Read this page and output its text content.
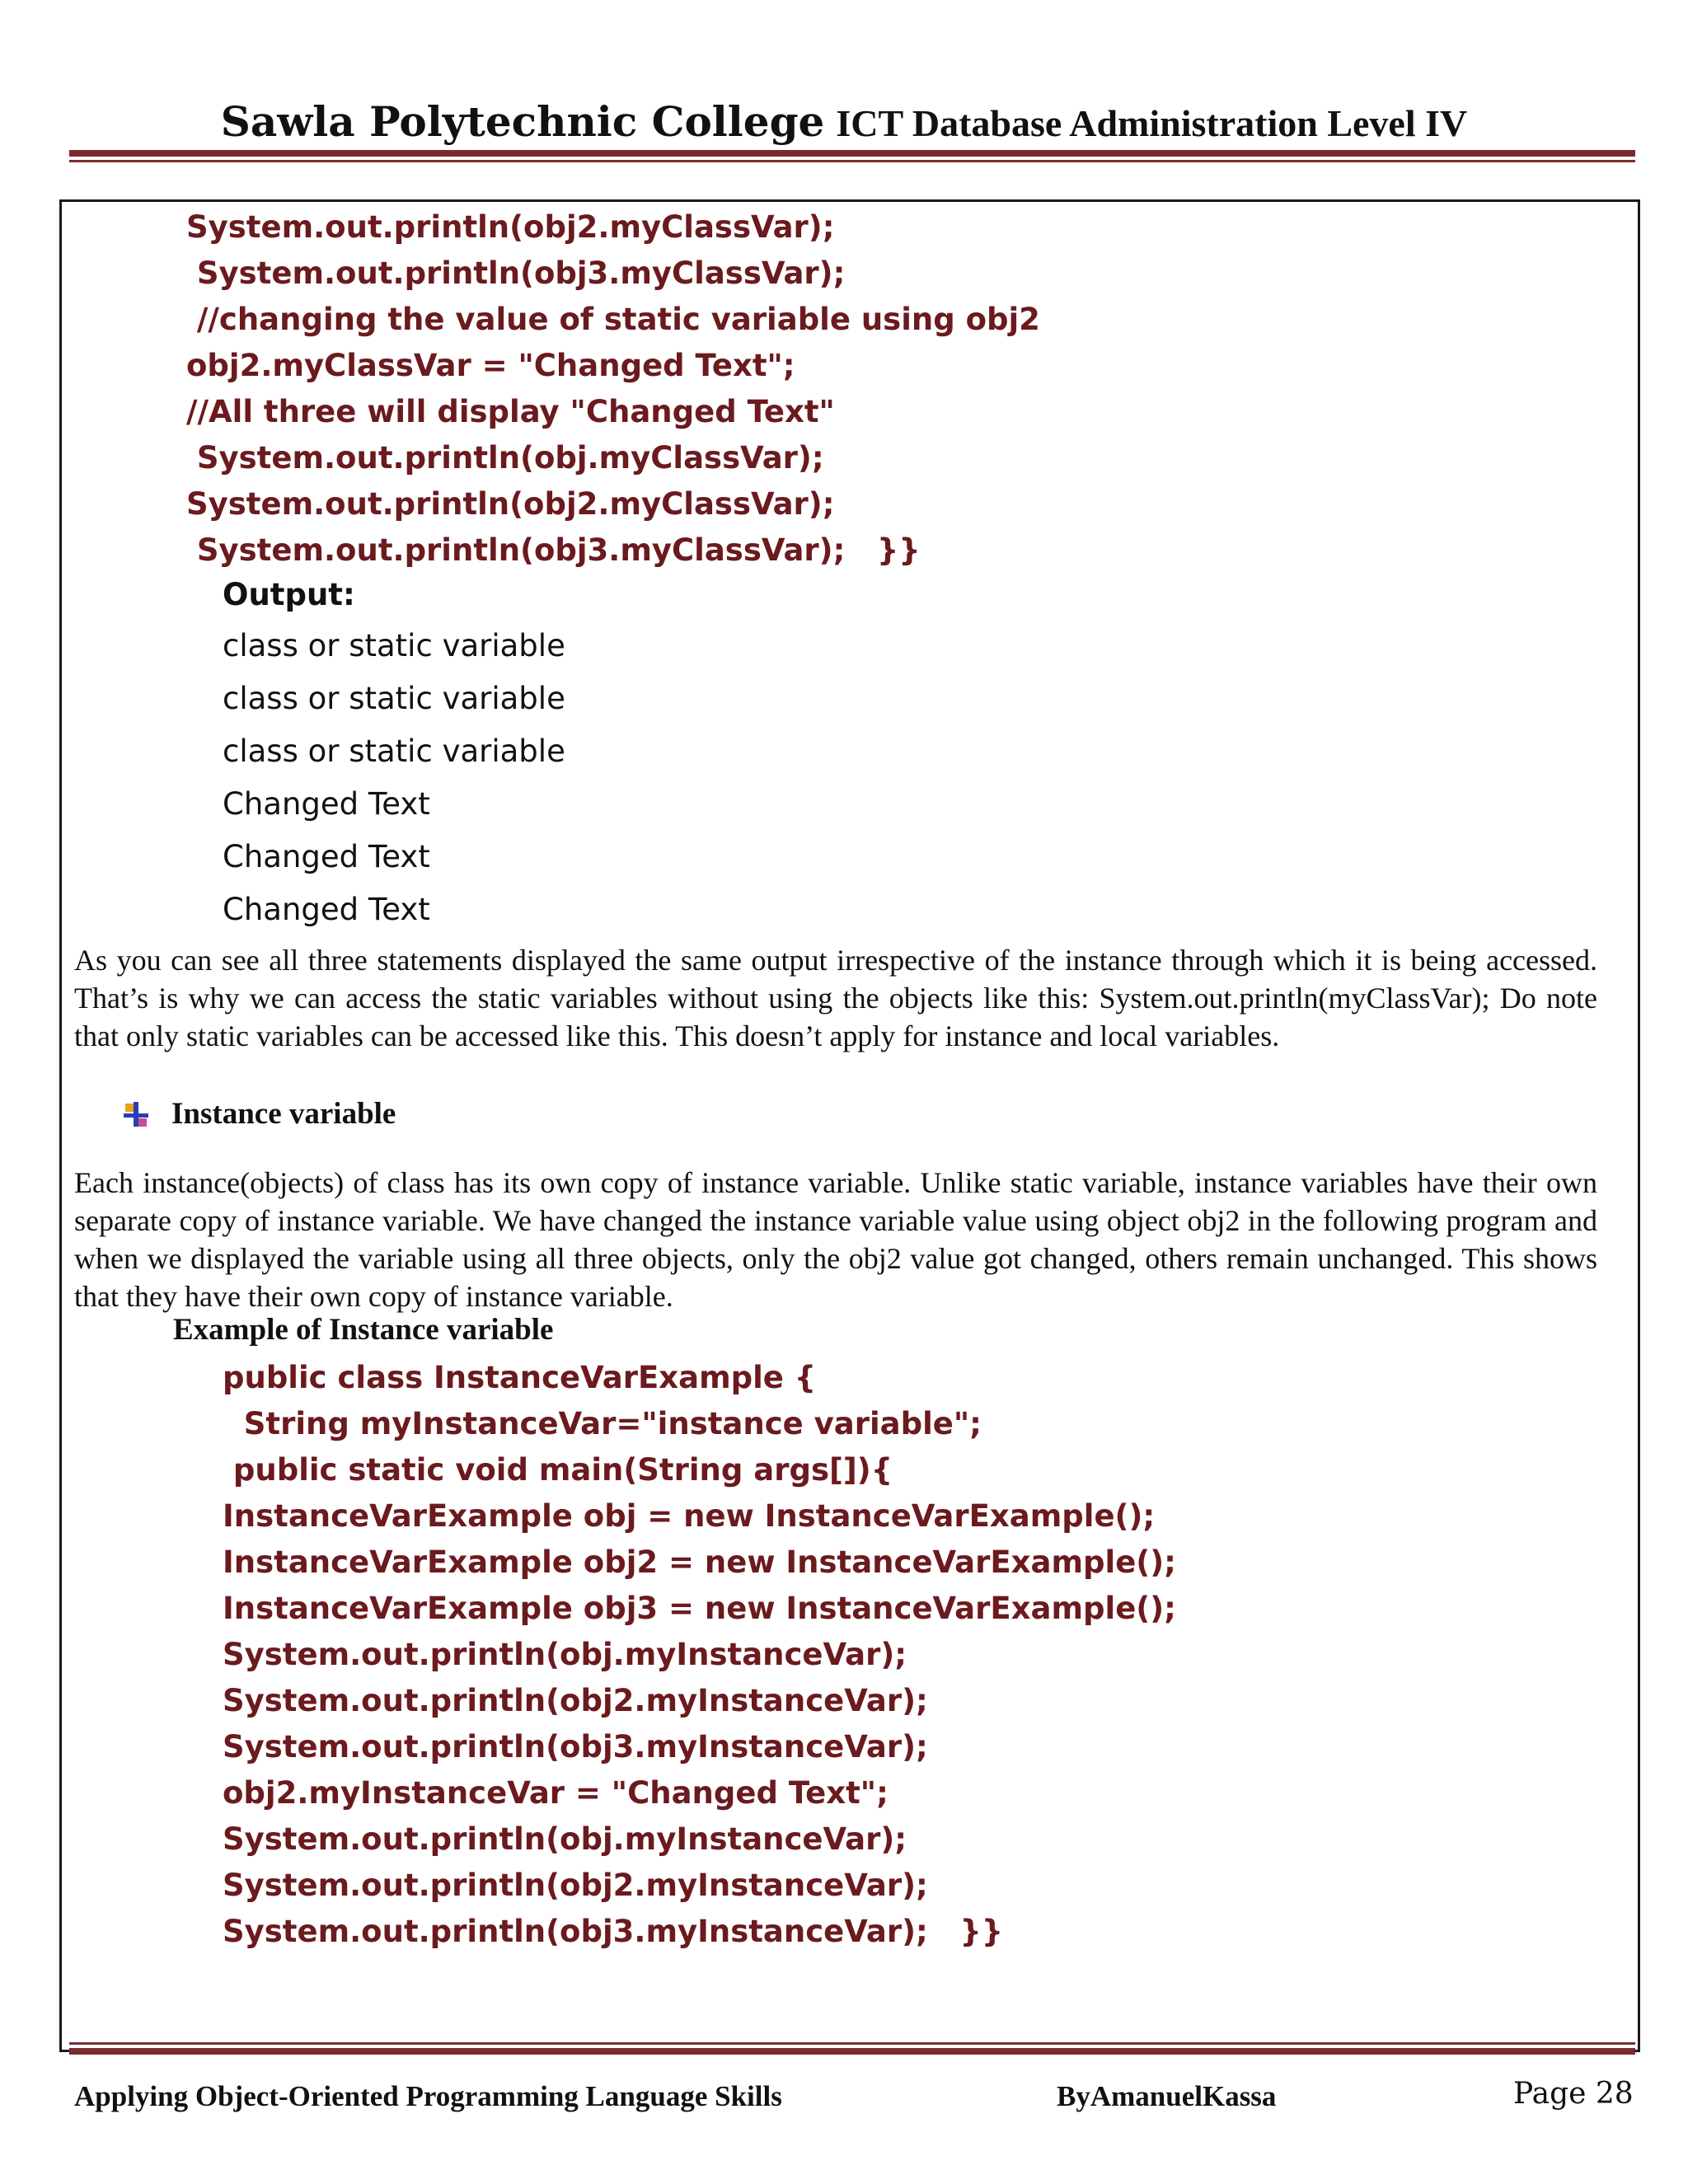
Sawla Polytechnic College ICT Database Administration Level IV
System.out.println(obj2.myClassVar);
System.out.println(obj3.myClassVar);
//changing the value of static variable using obj2
obj2.myClassVar = "Changed Text";
//All three will display "Changed Text"
System.out.println(obj.myClassVar);
System.out.println(obj2.myClassVar);
System.out.println(obj3.myClassVar);   }}
Output:
class or static variable
class or static variable
class or static variable
Changed Text
Changed Text
Changed Text
As you can see all three statements displayed the same output irrespective of the instance through which it is being accessed. That’s is why we can access the static variables without using the objects like this: System.out.println(myClassVar); Do note that only static variables can be accessed like this. This doesn’t apply for instance and local variables.
Instance variable
Each instance(objects) of class has its own copy of instance variable. Unlike static variable, instance variables have their own separate copy of instance variable. We have changed the instance variable value using object obj2 in the following program and when we displayed the variable using all three objects, only the obj2 value got changed, others remain unchanged. This shows that they have their own copy of instance variable.
Example of Instance variable
public class InstanceVarExample {
String myInstanceVar="instance variable";
public static void main(String args[]){
InstanceVarExample obj = new InstanceVarExample();
InstanceVarExample obj2 = new InstanceVarExample();
InstanceVarExample obj3 = new InstanceVarExample();
System.out.println(obj.myInstanceVar);
System.out.println(obj2.myInstanceVar);
System.out.println(obj3.myInstanceVar);
obj2.myInstanceVar = "Changed Text";
System.out.println(obj.myInstanceVar);
System.out.println(obj2.myInstanceVar);
System.out.println(obj3.myInstanceVar);   }}
Applying Object-Oriented Programming Language Skills	ByAmanuelKassa	Page 28
